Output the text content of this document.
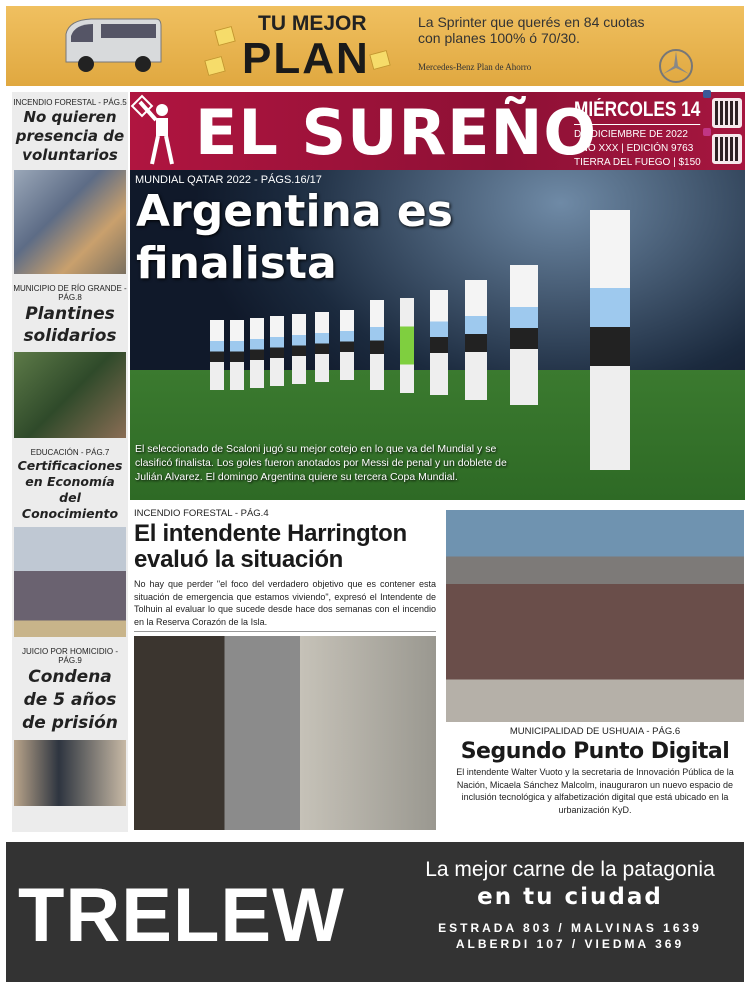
TU MEJOR
PLAN
La Sprinter que querés en 84 cuotas
con planes 100% ó 70/30.
Mercedes-Benz Plan de Ahorro
EL SUREÑO
MIÉRCOLES 14
DE DICIEMBRE DE 2022
AÑO XXX | EDICIÓN 9763
TIERRA DEL FUEGO | $150
INCENDIO FORESTAL - PÁG.5
No quieren presencia de voluntarios
MUNICIPIO DE RÍO GRANDE - PÁG.8
Plantines solidarios
EDUCACIÓN - PÁG.7
Certificaciones en Economía del Conocimiento
JUICIO POR HOMICIDIO - PÁG.9
Condena de 5 años de prisión
MUNDIAL QATAR 2022 - PÁGS.16/17
Argentina es finalista
El seleccionado de Scaloni jugó su mejor cotejo en lo que va del Mundial y se clasificó finalista. Los goles fueron anotados por Messi de penal y un doblete de Julián Alvarez. El domingo Argentina quiere su tercera Copa Mundial.
INCENDIO FORESTAL - PÁG.4
El intendente Harrington evaluó la situación
No hay que perder "el foco del verdadero objetivo que es contener esta situación de emergencia que estamos viviendo", expresó el Intendente de Tolhuin al evaluar lo que sucede desde hace dos semanas con el incendio en la Reserva Corazón de la Isla.
MUNICIPALIDAD DE USHUAIA - PÁG.6
Segundo Punto Digital
El intendente Walter Vuoto y la secretaria de Innovación Pública de la Nación, Micaela Sánchez Malcolm, inauguraron un nuevo espacio de inclusión tecnológica y alfabetización digital que está ubicado en la urbanización KyD.
TRELEW
La mejor carne de la patagonia
en tu ciudad
ESTRADA 803 / MALVINAS 1639
ALBERDI 107 / VIEDMA 369
